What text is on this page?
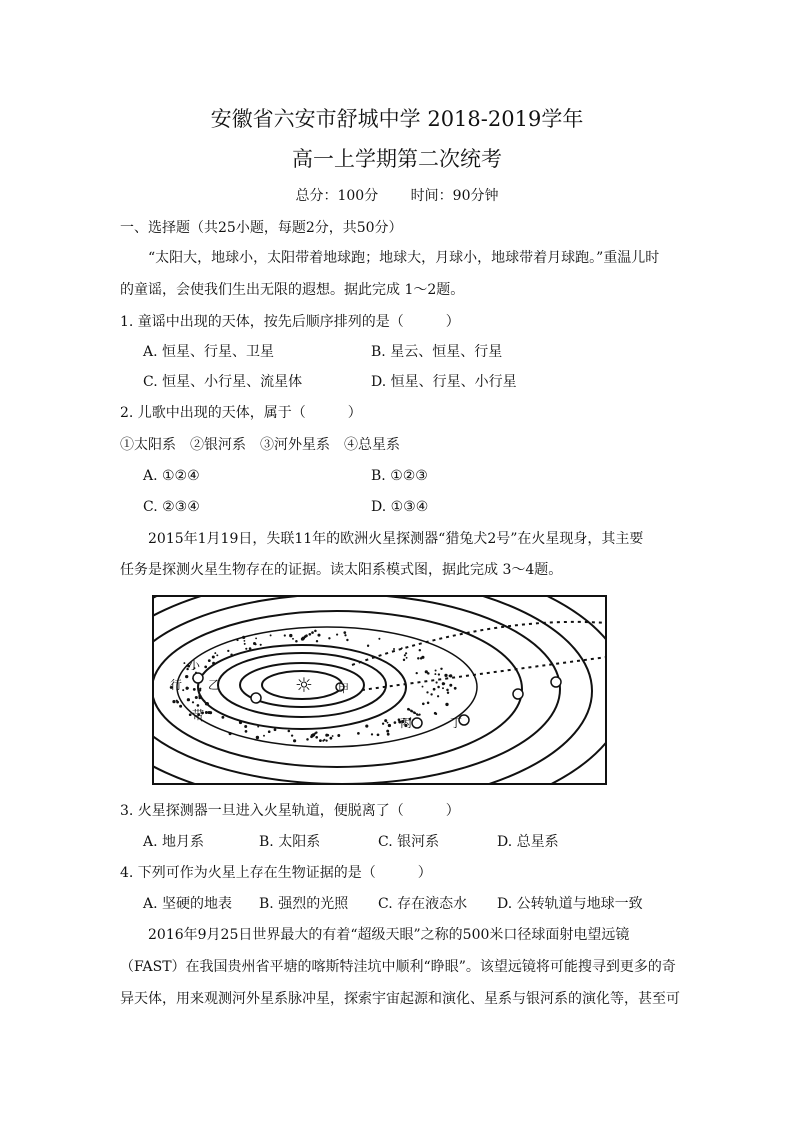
安徽省六安市舒城中学 2018-2019学年
高一上学期第二次统考
总分：100分 时间：90分钟
一、选择题（共25小题，每题2分，共50分）
“太阳大，地球小，太阳带着地球跑；地球大，月球小，地球带着月球跑。”重温儿时
的童谣，会使我们生出无限的遐想。据此完成 1～2题。
1. 童谣中出现的天体，按先后顺序排列的是（　　　）
A. 恒星、行星、卫星	B. 星云、恒星、行星
C. 恒星、小行星、流星体	D. 恒星、行星、小行星
2. 儿歌中出现的天体，属于（　　　）
①太阳系　②银河系　③河外星系　④总星系
A. ①②④	B. ①②③
C. ②③④	D. ①③④
2015年1月19日，失联11年的欧洲火星探测器“猎兔犬2号”在火星现身，其主要
任务是探测火星生物存在的证据。读太阳系模式图，据此完成 3～4题。
☼ 甲
乙
丙	丁
小
行
带
3. 火星探测器一旦进入火星轨道，便脱离了（　　　）
A. 地月系	B. 太阳系	C. 银河系	D. 总星系
4. 下列可作为火星上存在生物证据的是（　　　）
A. 坚硬的地表 B. 强烈的光照 C. 存在液态水 D. 公转轨道与地球一致
2016年9月25日世界最大的有着“超级天眼”之称的500米口径球面射电望远镜
（FAST）在我国贵州省平塘的喀斯特洼坑中顺利“睁眼”。该望远镜将可能搜寻到更多的奇
异天体，用来观测河外星系脉冲星，探索宇宙起源和演化、星系与银河系的演化等，甚至可
